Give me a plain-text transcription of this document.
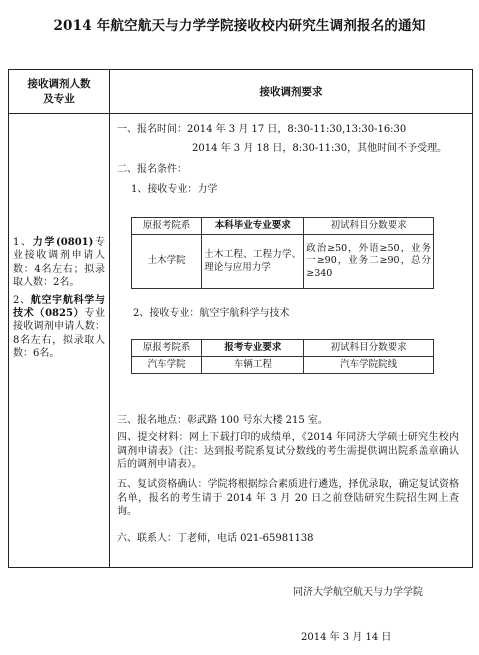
2014 年航空航天与力学学院接收校内研究生调剂报名的通知
接收调剂人数
及专业
接收调剂要求
1、力学(0801)专业接收调剂申请人数：4名左右；拟录取人数：2名。
2、航空宇航科学与技术（0825）专业接收调剂申请人数：8名左右，拟录取人数：6名。
一、报名时间：2014 年 3 月 17 日，8:30-11:30,13:30-16:30
2014 年 3 月 18 日，8:30-11:30，其他时间不予受理。
二、报名条件：
1、接收专业：力学
原报考院系	本科毕业专业要求	初试科目分数要求
土木学院	土木工程、工程力学、理论与应用力学	政治≥50，外语≥50，业务一≥90，业务二≥90，总分≥340
2、接收专业：航空宇航科学与技术
原报考院系	报考专业要求	初试科目分数要求
汽车学院	车辆工程	汽车学院院线
三、报名地点：彰武路 100 号东大楼 215 室。
四、提交材料：网上下载打印的成绩单，《2014 年同济大学硕士研究生校内调剂申请表》（注：达到报考院系复试分数线的考生需提供调出院系盖章确认后的调剂申请表）。
五、复试资格确认：学院将根据综合素质进行遴选，择优录取，确定复试资格名单，报名的考生请于 2014 年 3 月 20 日之前登陆研究生院招生网上查询。
六、联系人：丁老师，电话 021-65981138
同济大学航空航天与力学学院
2014 年 3 月 14 日
